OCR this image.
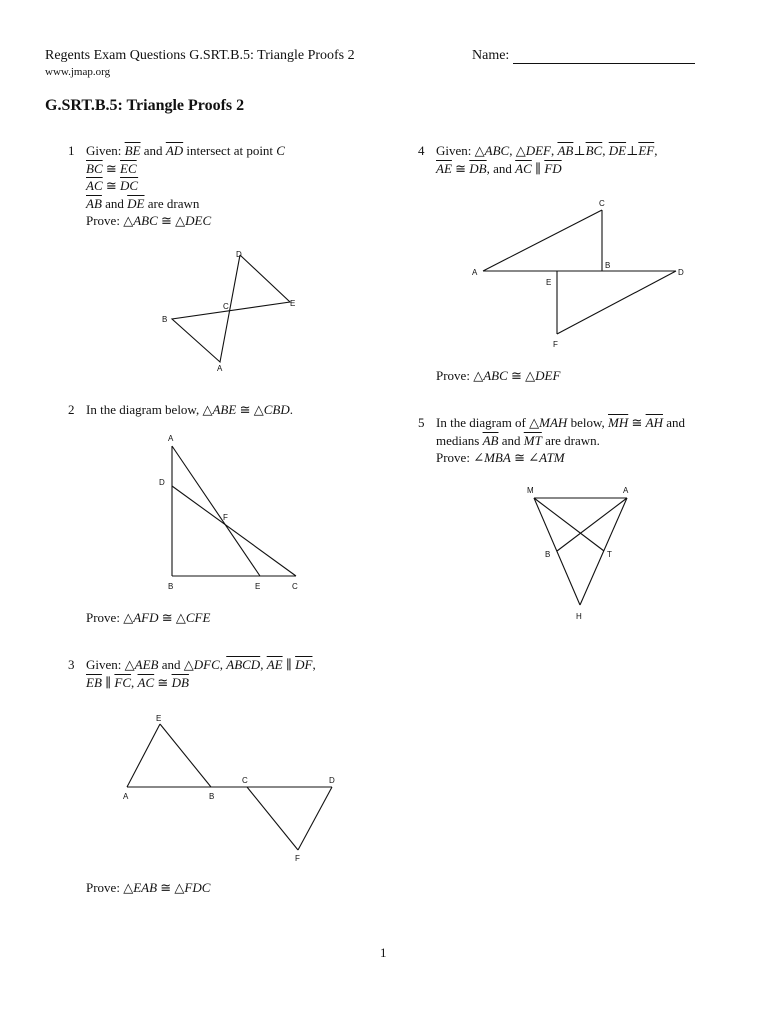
Regents Exam Questions G.SRT.B.5: Triangle Proofs 2	Name:
www.jmap.org
G.SRT.B.5: Triangle Proofs 2
1 Given: $\overline{BE}$ and $\overline{AD}$ intersect at point C
$\overline{BC}$ ≅ $\overline{EC}$
$\overline{AC}$ ≅ $\overline{DC}$
$\overline{AB}$ and $\overline{DE}$ are drawn
Prove: △ABC ≅ △DEC
D
E
C
B
A
2 In the diagram below, △ABE ≅ △CBD.
A
D
F
B	E	C
Prove: △AFD ≅ △CFE
3 Given: △AEB and △DFC, ABCD, $\overline{AE}$ ∥ $\overline{DF}$,
$\overline{EB}$ ∥ $\overline{FC}$, $\overline{AC}$ ≅ $\overline{DB}$
E
A	B
C	D
F
Prove: △EAB ≅ △FDC
4 Given: △ABC, △DEF, $\overline{AB}\perp\overline{BC}$, $\overline{DE}\perp\overline{EF}$,
$\overline{AE}$ ≅ $\overline{DB}$, and $\overline{AC}$ ∥ $\overline{FD}$
C
A
E
B
D
F
Prove: △ABC ≅ △DEF
5 In the diagram of △MAH below, $\overline{MH}$ ≅ $\overline{AH}$ and
medians $\overline{AB}$ and $\overline{MT}$ are drawn.
Prove: ∠MBA ≅ ∠ATM
M	A
B	T
H
1
